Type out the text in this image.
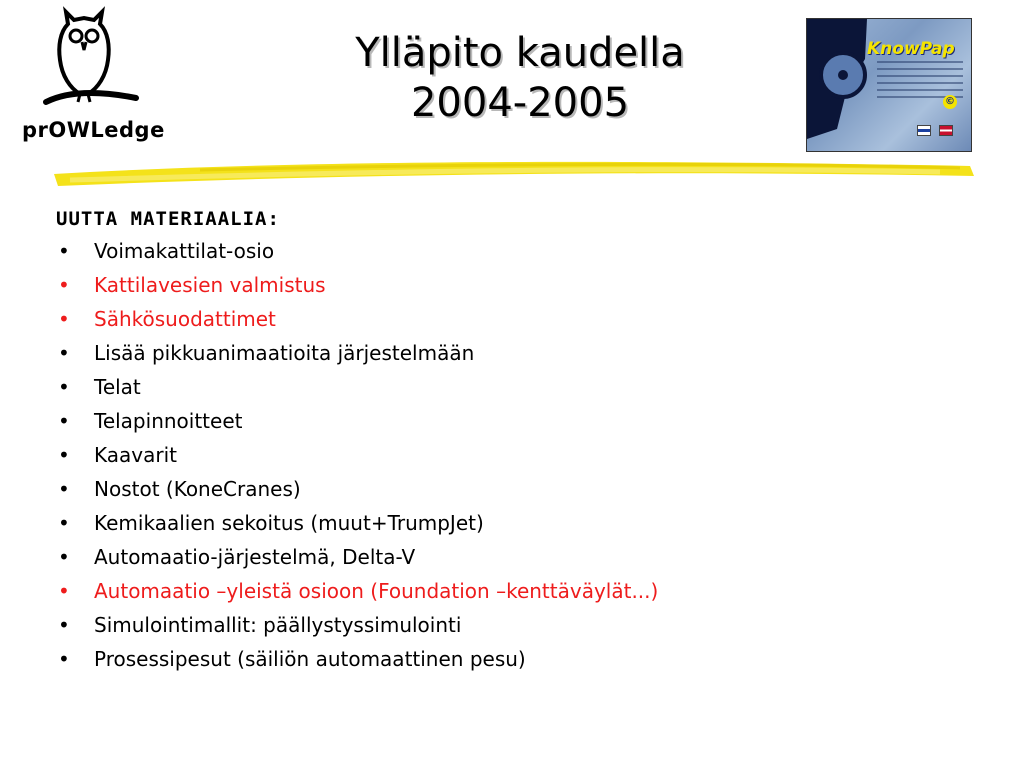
prOWLedge
Ylläpito kaudella
2004-2005
KnowPap
©

UUTTA MATERIAALIA:
• Voimakattilat-osio
• Kattilavesien valmistus
• Sähkösuodattimet
• Lisää pikkuanimaatioita järjestelmään
• Telat
• Telapinnoitteet
• Kaavarit
• Nostot (KoneCranes)
• Kemikaalien sekoitus (muut+TrumpJet)
• Automaatio-järjestelmä, Delta-V
• Automaatio –yleistä osioon (Foundation –kenttäväylät...)
• Simulointimallit: päällystyssimulointi
• Prosessipesut (säiliön automaattinen pesu)
